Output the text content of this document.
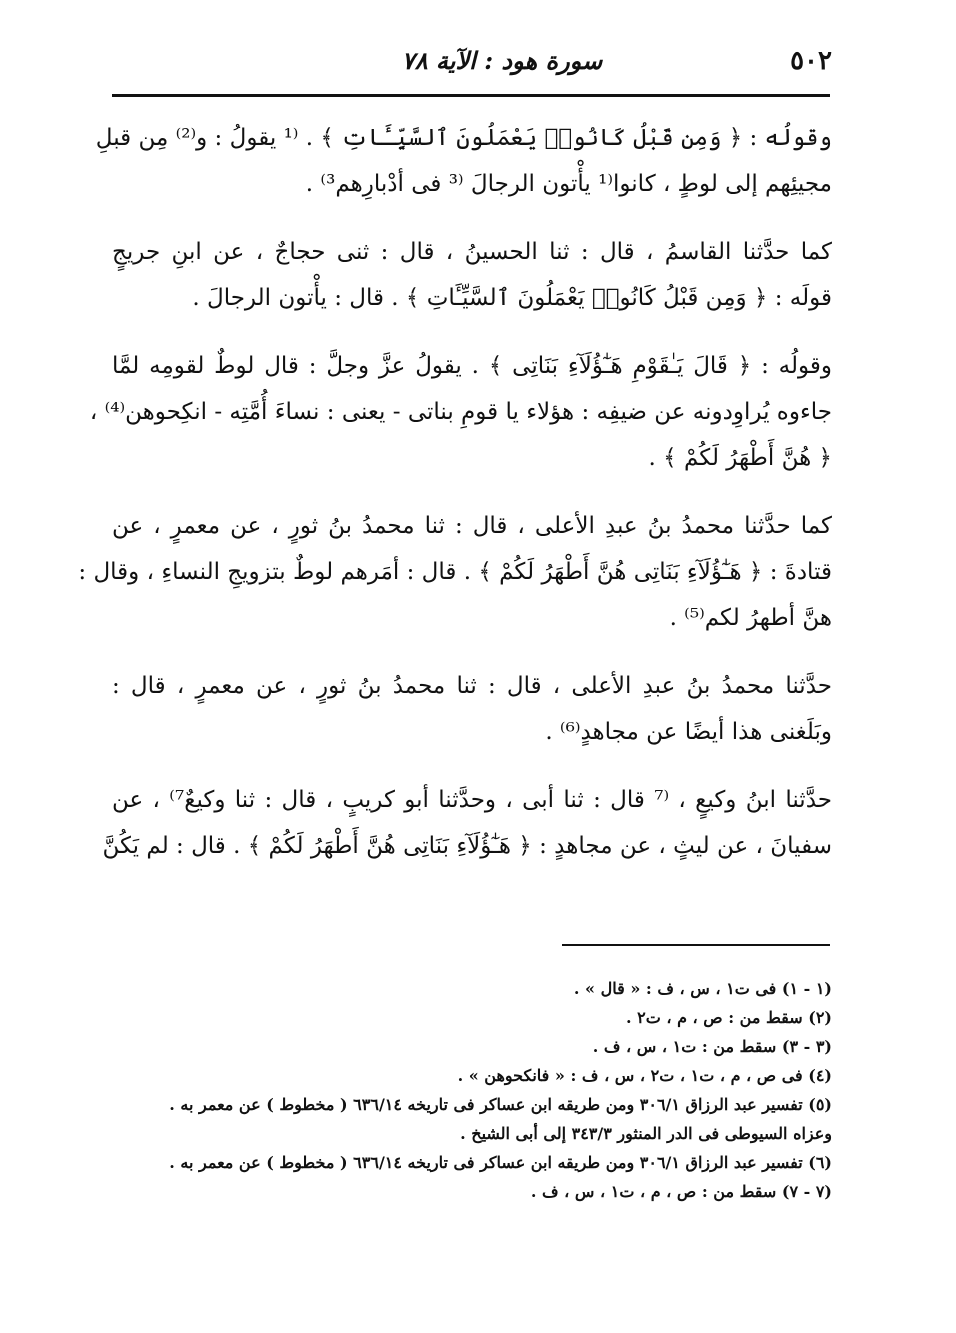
٥٠٢
سورة هود : الآية ٧٨
وقولُه : ﴿ وَمِن قَبْلُ كَانُوا۟ يَعْمَلُونَ ٱلسَّيِّـَٔاتِ ﴾ . ⁽¹ يقولُ : و⁽²⁾ مِن قبلِ
مجيئِهم إلى لوطٍ ، كانوا⁽¹ يأْتون الرجالَ ⁽³ فى أدْبارِهم³⁾ .
كما حدَّثنا القاسمُ ، قال : ثنا الحسينُ ، قال : ثنى حجاجٌ ، عن ابنِ جريجٍ
قولَه : ﴿ وَمِن قَبْلُ كَانُوا۟ يَعْمَلُونَ ٱلسَّيِّـَٔاتِ ﴾ . قال : يأْتون الرجالَ .
وقولُه : ﴿ قَالَ يَـٰقَوْمِ هَـٰٓؤُلَآءِ بَنَاتِى ﴾ . يقولُ عزَّ وجلَّ : قال لوطٌ لقومِه لمَّا
جاءوه يُراوِدونه عن ضيفِه : هؤلاء يا قومِ بناتى - يعنى : نساءَ أُمَّتِه - انكِحوهن⁽⁴⁾ ،
﴿ هُنَّ أَطْهَرُ لَكُمْ ﴾ .
كما حدَّثنا محمدُ بنُ عبدِ الأعلى ، قال : ثنا محمدُ بنُ ثورٍ ، عن معمرٍ ، عن
قتادةَ : ﴿ هَـٰٓؤُلَآءِ بَنَاتِى هُنَّ أَطْهَرُ لَكُمْ ﴾ . قال : أمَرهم لوطٌ بتزويجِ النساءِ ، وقال :
هنَّ أطهرُ لكم⁽⁵⁾ .
حدَّثنا محمدُ بنُ عبدِ الأعلى ، قال : ثنا محمدُ بنُ ثورٍ ، عن معمرٍ ، قال :
وبَلَغنى هذا أيضًا عن مجاهدٍ⁽⁶⁾ .
حدَّثنا ابنُ وكيعٍ ، ⁽⁷ قال : ثنا أبى ، وحدَّثنا أبو كريبٍ ، قال : ثنا وكيعٌ⁷⁾ ، عن
سفيانَ ، عن ليثٍ ، عن مجاهدٍ : ﴿ هَـٰٓؤُلَآءِ بَنَاتِى هُنَّ أَطْهَرُ لَكُمْ ﴾ . قال : لم يَكُنَّ
(١ - ١) فى ت١ ، س ، ف : « قال » .
(٢) سقط من : ص ، م ، ت٢ .
(٣ - ٣) سقط من : ت١ ، س ، ف .
(٤) فى ص ، م ، ت١ ، ت٢ ، س ، ف : « فانكحوهن » .
(٥) تفسير عبد الرزاق ٣٠٦/١ ومن طريقه ابن عساكر فى تاريخه ٦٣٦/١٤ ( مخطوط ) عن معمر به .
وعزاه السيوطى فى الدر المنثور ٣٤٣/٣ إلى أبى الشيخ .
(٦) تفسير عبد الرزاق ٣٠٦/١ ومن طريقه ابن عساكر فى تاريخه ٦٣٦/١٤ ( مخطوط ) عن معمر به .
(٧ - ٧) سقط من : ص ، م ، ت١ ، س ، ف .
